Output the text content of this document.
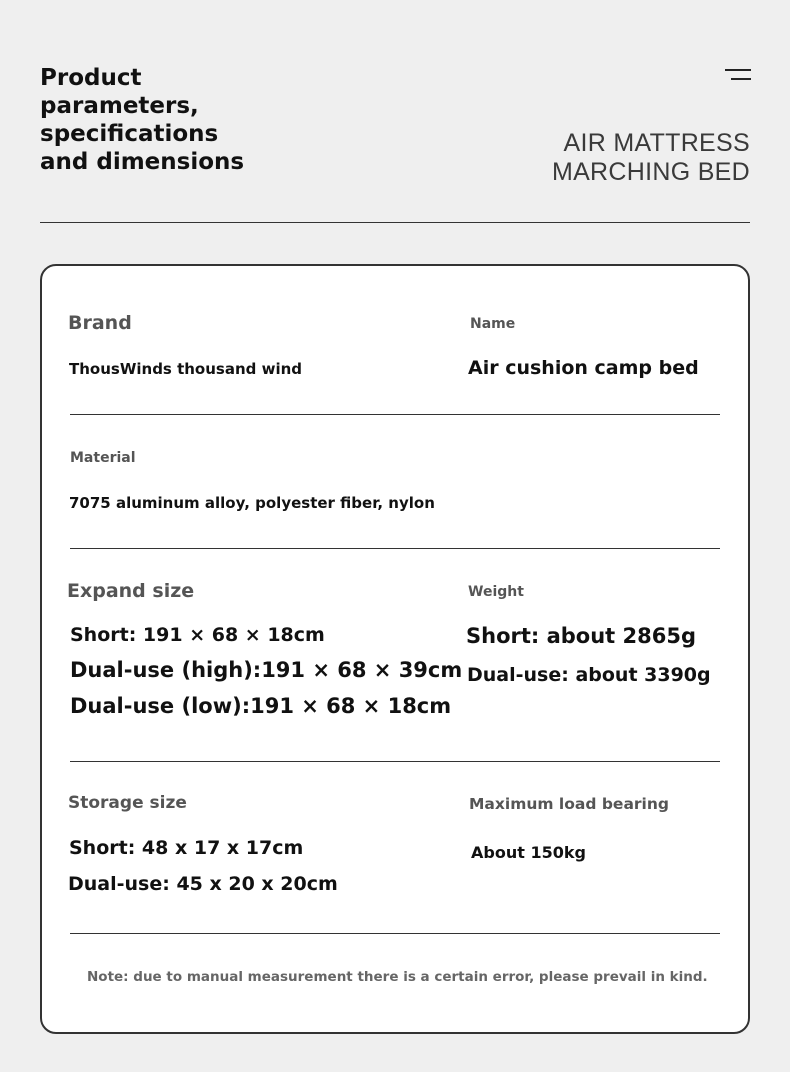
Product
parameters,
specifications
and dimensions
AIR MATTRESS
MARCHING BED
Brand
ThousWinds thousand wind
Name
Air cushion camp bed
Material
7075 aluminum alloy, polyester fiber, nylon
Expand size
Short: 191 × 68 × 18cm
Dual-use (high):191 × 68 × 39cm
Dual-use (low):191 × 68 × 18cm
Weight
Short: about 2865g
Dual-use: about 3390g
Storage size
Short: 48 x 17 x 17cm
Dual-use: 45 x 20 x 20cm
Maximum load bearing
About 150kg
Note: due to manual measurement there is a certain error, please prevail in kind.
